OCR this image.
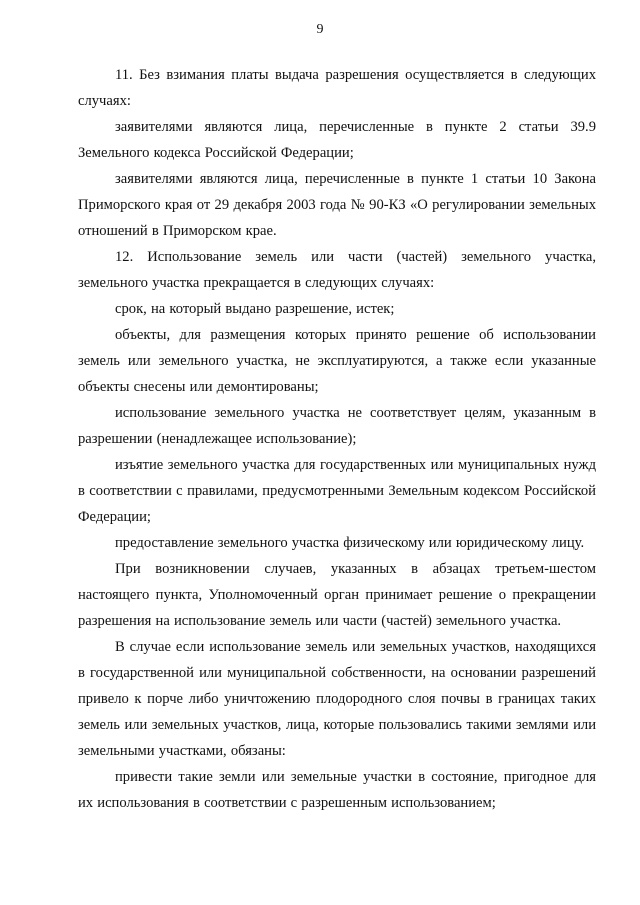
9

11. Без взимания платы выдача разрешения осуществляется в следующих случаях:

заявителями являются лица, перечисленные в пункте 2 статьи 39.9 Земельного кодекса Российской Федерации;

заявителями являются лица, перечисленные в пункте 1 статьи 10 Закона Приморского края от 29 декабря 2003 года № 90-КЗ «О регулировании земельных отношений в Приморском крае.

12. Использование земель или части (частей) земельного участка, земельного участка прекращается в следующих случаях:

срок, на который выдано разрешение, истек;

объекты, для размещения которых принято решение об использовании земель или земельного участка, не эксплуатируются, а также если указанные объекты снесены или демонтированы;

использование земельного участка не соответствует целям, указанным в разрешении (ненадлежащее использование);

изъятие земельного участка для государственных или муниципальных нужд в соответствии с правилами, предусмотренными Земельным кодексом Российской Федерации;

предоставление земельного участка физическому или юридическому лицу.

При возникновении случаев, указанных в абзацах третьем-шестом настоящего пункта, Уполномоченный орган принимает решение о прекращении разрешения на использование земель или части (частей) земельного участка.

В случае если использование земель или земельных участков, находящихся в государственной или муниципальной собственности, на основании разрешений привело к порче либо уничтожению плодородного слоя почвы в границах таких земель или земельных участков, лица, которые пользовались такими землями или земельными участками, обязаны:

привести такие земли или земельные участки в состояние, пригодное для их использования в соответствии с разрешенным использованием;
